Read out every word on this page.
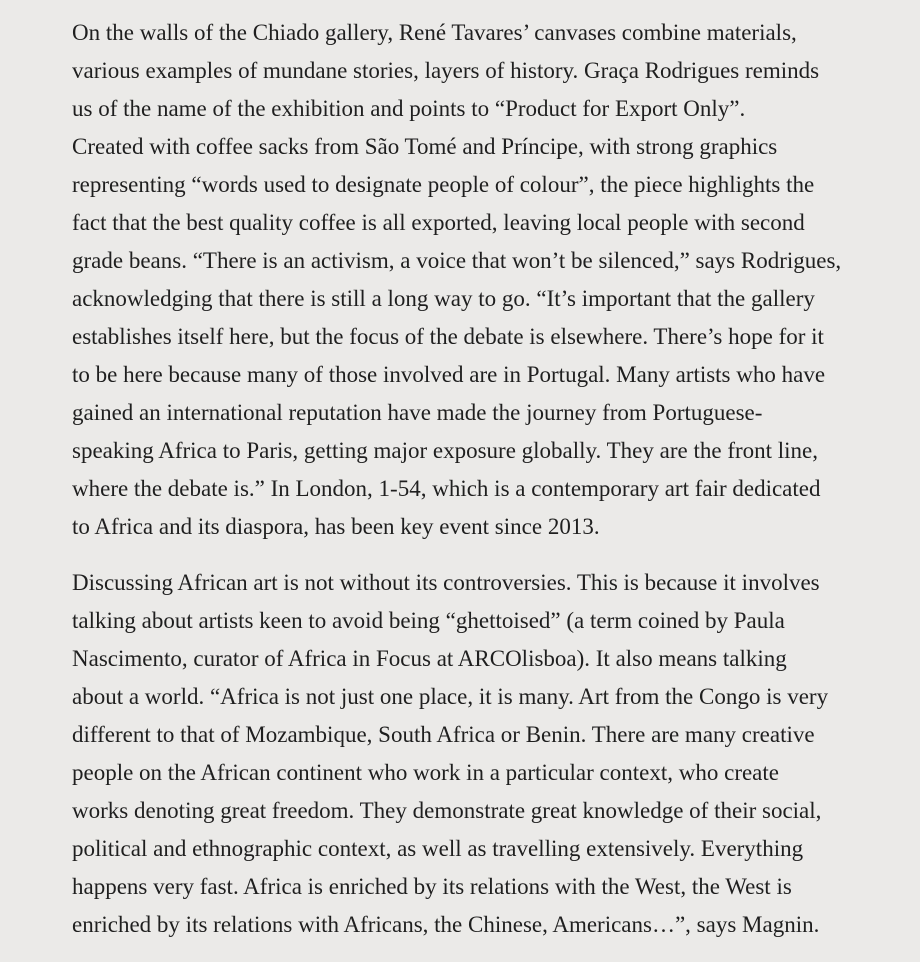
On the walls of the Chiado gallery, René Tavares’ canvases combine materials,
various examples of mundane stories, layers of history. Graça Rodrigues reminds
us of the name of the exhibition and points to “Product for Export Only”.
Created with coffee sacks from São Tomé and Príncipe, with strong graphics
representing “words used to designate people of colour”, the piece highlights the
fact that the best quality coffee is all exported, leaving local people with second
grade beans. “There is an activism, a voice that won’t be silenced,” says Rodrigues,
acknowledging that there is still a long way to go. “It’s important that the gallery
establishes itself here, but the focus of the debate is elsewhere. There’s hope for it
to be here because many of those involved are in Portugal. Many artists who have
gained an international reputation have made the journey from Portuguese-
speaking Africa to Paris, getting major exposure globally. They are the front line,
where the debate is.” In London, 1-54, which is a contemporary art fair dedicated
to Africa and its diaspora, has been key event since 2013.

Discussing African art is not without its controversies. This is because it involves
talking about artists keen to avoid being “ghettoised” (a term coined by Paula
Nascimento, curator of Africa in Focus at ARCOlisboa). It also means talking
about a world. “Africa is not just one place, it is many. Art from the Congo is very
different to that of Mozambique, South Africa or Benin. There are many creative
people on the African continent who work in a particular context, who create
works denoting great freedom. They demonstrate great knowledge of their social,
political and ethnographic context, as well as travelling extensively. Everything
happens very fast. Africa is enriched by its relations with the West, the West is
enriched by its relations with Africans, the Chinese, Americans…”, says Magnin.
